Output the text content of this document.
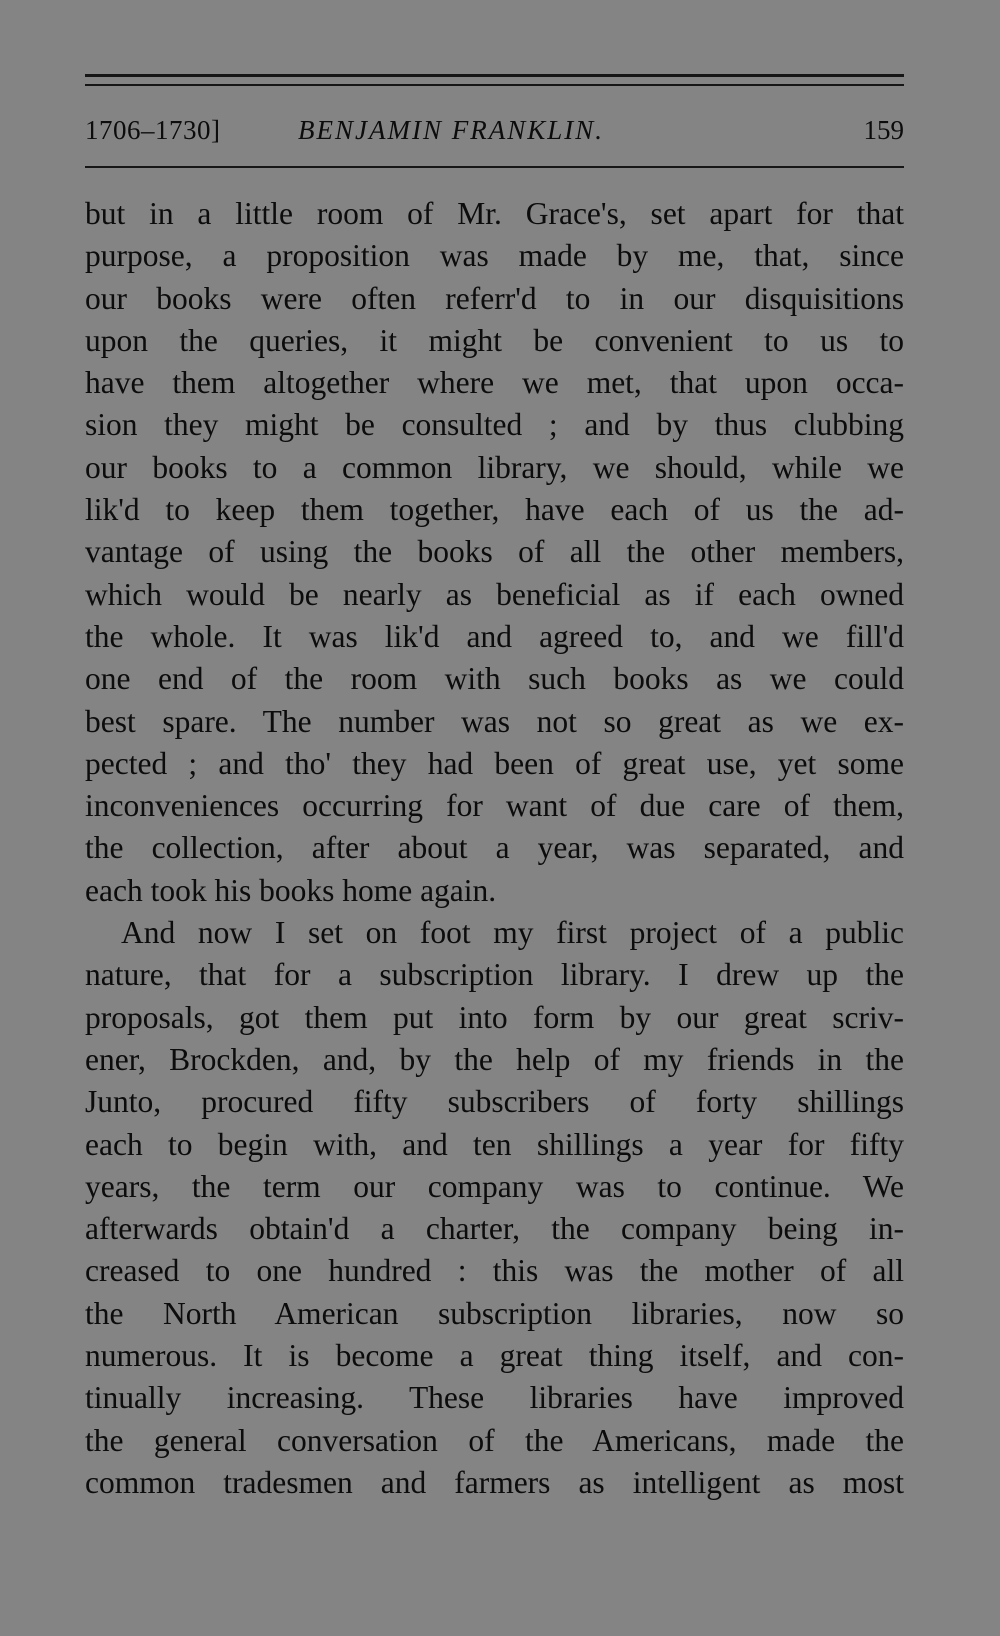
1706–1730]	BENJAMIN FRANKLIN.	159
but in a little room of Mr. Grace's, set apart for that
purpose, a proposition was made by me, that, since
our books were often referr'd to in our disquisitions
upon the queries, it might be convenient to us to
have them altogether where we met, that upon occa-
sion they might be consulted ; and by thus clubbing
our books to a common library, we should, while we
lik'd to keep them together, have each of us the ad-
vantage of using the books of all the other members,
which would be nearly as beneficial as if each owned
the whole. It was lik'd and agreed to, and we fill'd
one end of the room with such books as we could
best spare. The number was not so great as we ex-
pected ; and tho' they had been of great use, yet some
inconveniences occurring for want of due care of them,
the collection, after about a year, was separated, and
each took his books home again.
And now I set on foot my first project of a public
nature, that for a subscription library. I drew up the
proposals, got them put into form by our great scriv-
ener, Brockden, and, by the help of my friends in the
Junto, procured fifty subscribers of forty shillings
each to begin with, and ten shillings a year for fifty
years, the term our company was to continue. We
afterwards obtain'd a charter, the company being in-
creased to one hundred : this was the mother of all
the North American subscription libraries, now so
numerous. It is become a great thing itself, and con-
tinually increasing. These libraries have improved
the general conversation of the Americans, made the
common tradesmen and farmers as intelligent as most
